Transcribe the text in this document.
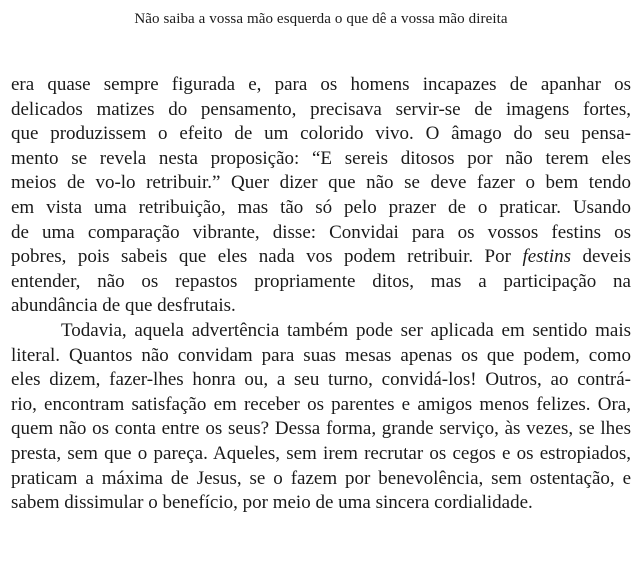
Não saiba a vossa mão esquerda o que dê a vossa mão direita

era quase sempre figurada e, para os homens incapazes de apanhar os
delicados matizes do pensamento, precisava servir-se de imagens fortes,
que produzissem o efeito de um colorido vivo. O âmago do seu pensa-
mento se revela nesta proposição: “E sereis ditosos por não terem eles
meios de vo-lo retribuir.” Quer dizer que não se deve fazer o bem tendo
em vista uma retribuição, mas tão só pelo prazer de o praticar. Usando
de uma comparação vibrante, disse: Convidai para os vossos festins os
pobres, pois sabeis que eles nada vos podem retribuir. Por festins deveis
entender, não os repastos propriamente ditos, mas a participação na
abundância de que desfrutais.

Todavia, aquela advertência também pode ser aplicada em sentido mais
literal. Quantos não convidam para suas mesas apenas os que podem, como
eles dizem, fazer-lhes honra ou, a seu turno, convidá-los! Outros, ao contrá-
rio, encontram satisfação em receber os parentes e amigos menos felizes. Ora,
quem não os conta entre os seus? Dessa forma, grande serviço, às vezes, se lhes
presta, sem que o pareça. Aqueles, sem irem recrutar os cegos e os estropiados,
praticam a máxima de Jesus, se o fazem por benevolência, sem ostentação, e
sabem dissimular o benefício, por meio de uma sincera cordialidade.
